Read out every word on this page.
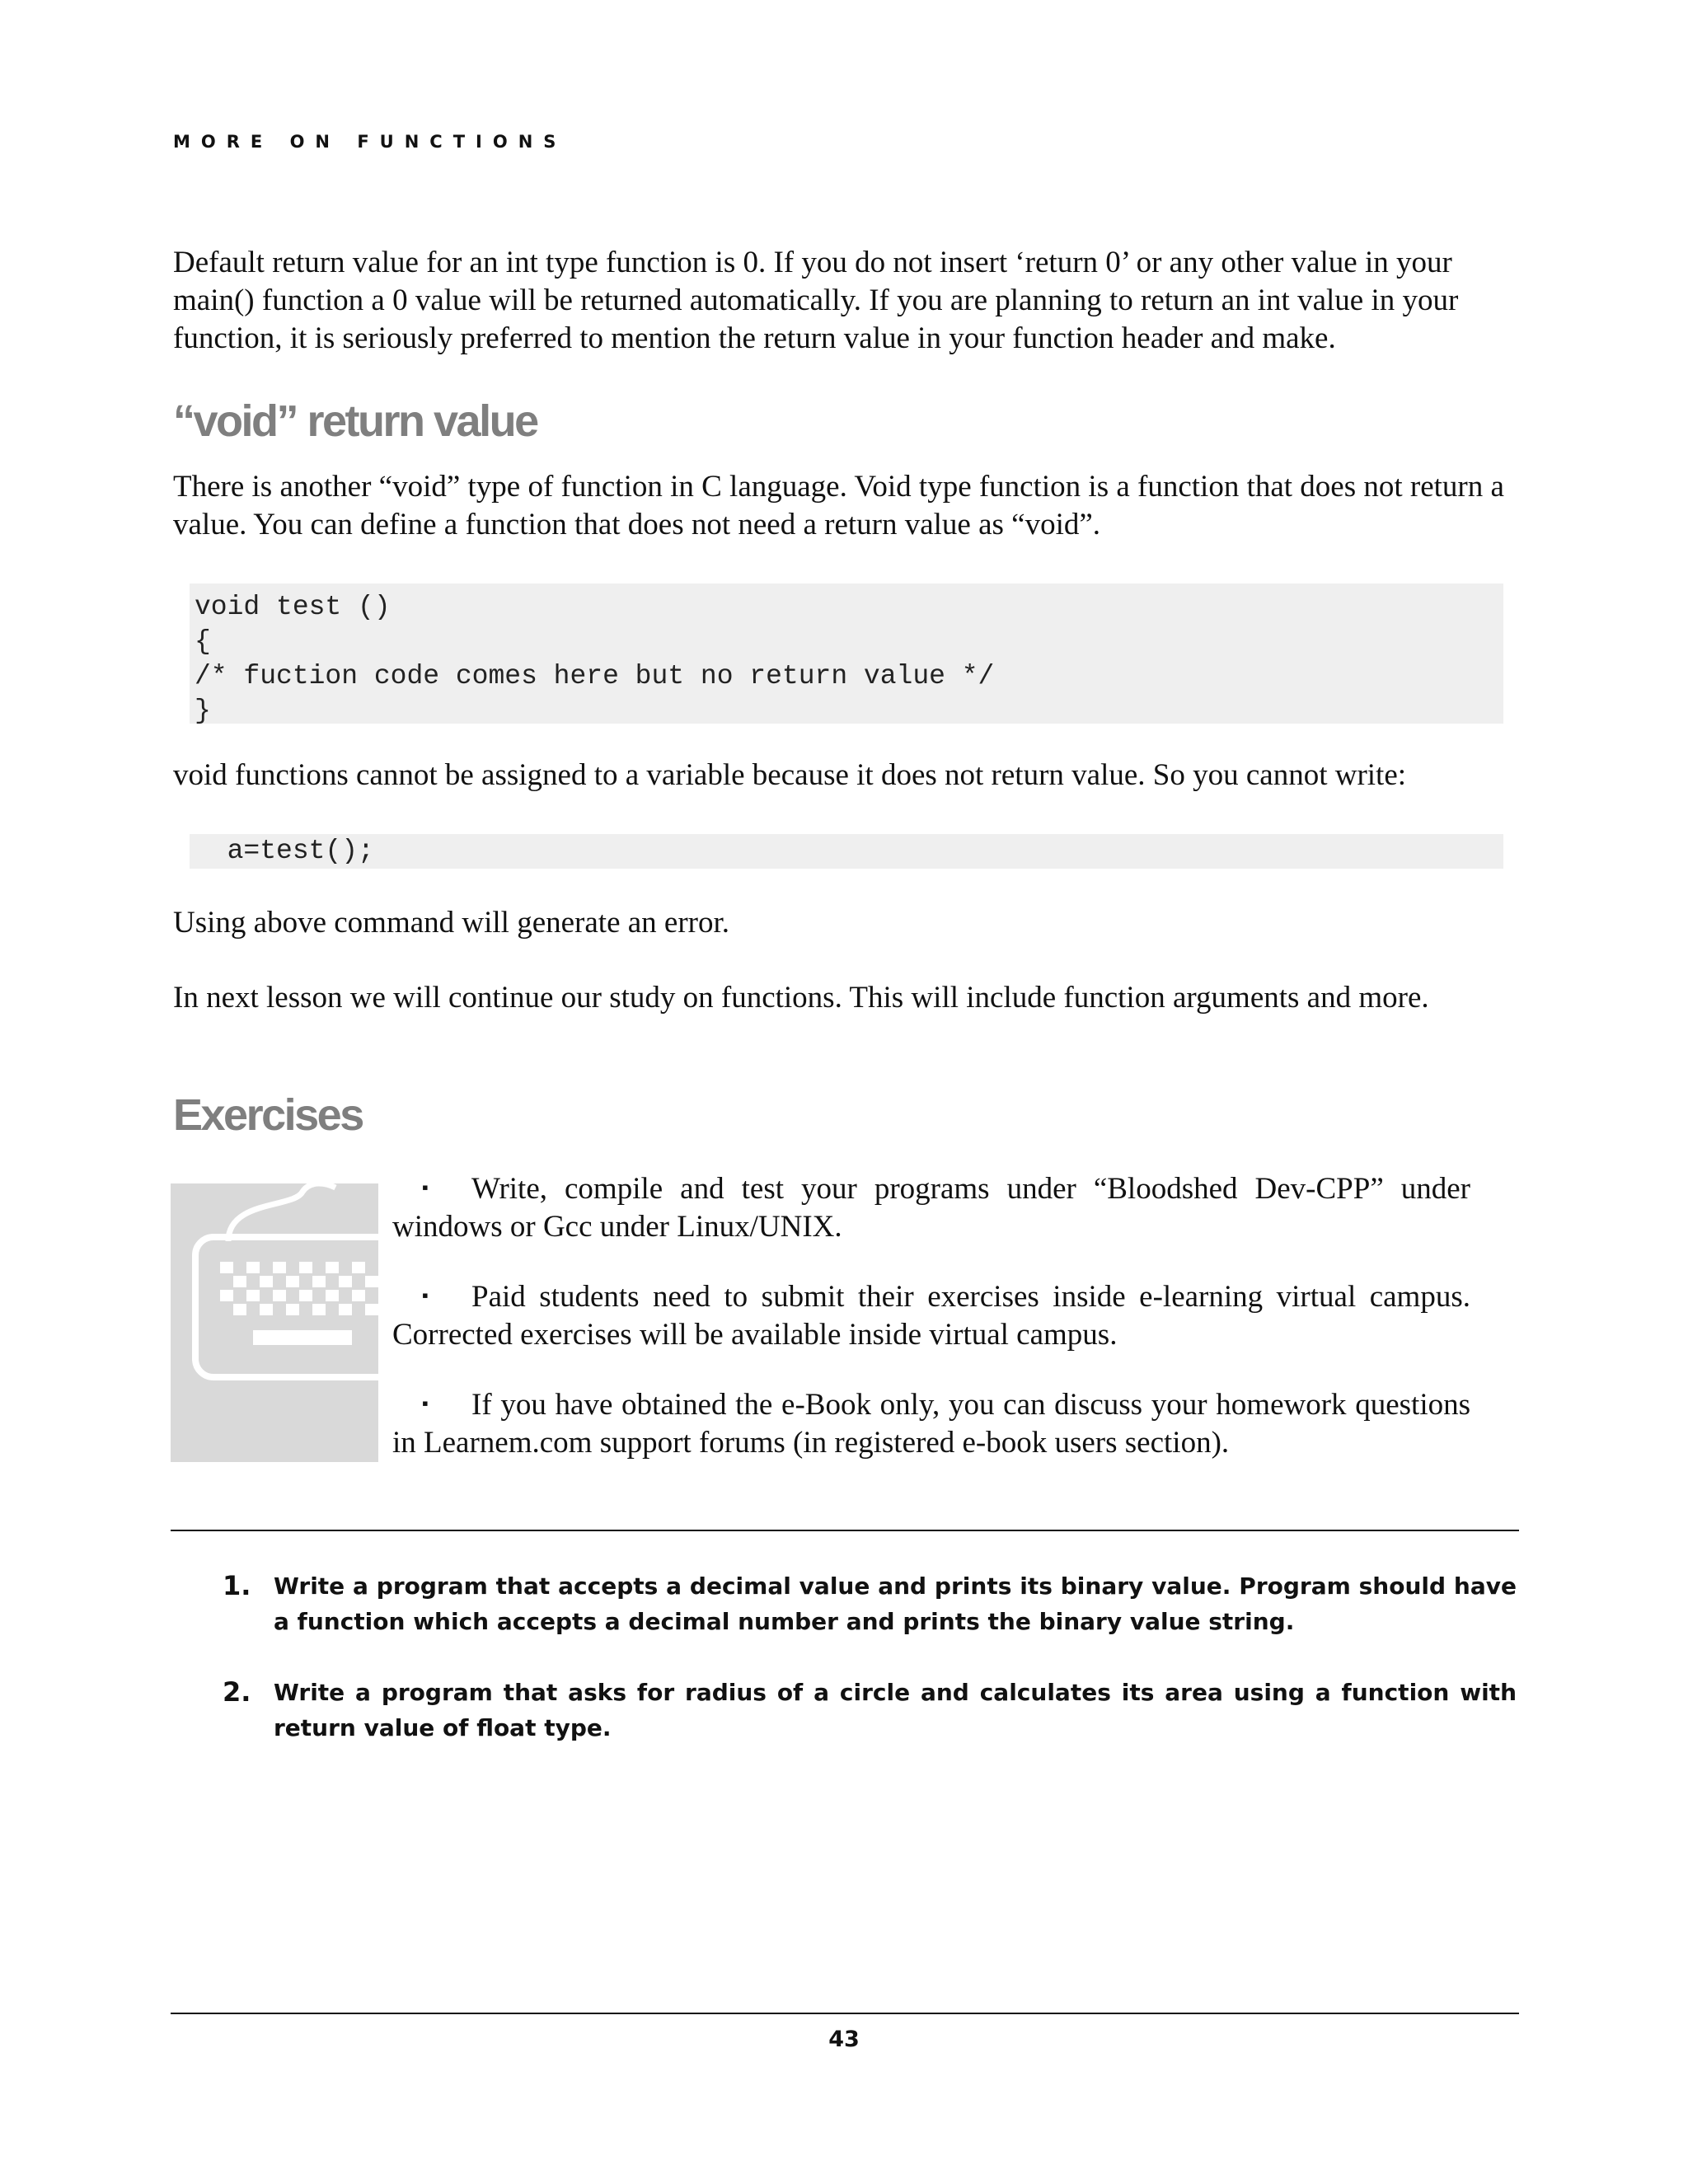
MORE ON FUNCTIONS

Default return value for an int type function is 0. If you do not insert ‘return 0’ or any other value in your main() function a 0 value will be returned automatically. If you are planning to return an int value in your function, it is seriously preferred to mention the return value in your function header and make.

“void” return value

There is another “void” type of function in C language. Void type function is a function that does not return a value. You can define a function that does not need a return value as “void”.

void test ()
{
/* fuction code comes here but no return value */
}

void functions cannot be assigned to a variable because it does not return value. So you cannot write:

a=test();

Using above command will generate an error.

In next lesson we will continue our study on functions. This will include function arguments and more.

Exercises

▪ Write, compile and test your programs under “Bloodshed Dev-CPP” under windows or Gcc under Linux/UNIX.

▪ Paid students need to submit their exercises inside e-learning virtual campus. Corrected exercises will be available inside virtual campus.

▪ If you have obtained the e-Book only, you can discuss your homework questions in Learnem.com support forums (in registered e-book users section).

1. Write a program that accepts a decimal value and prints its binary value. Program should have a function which accepts a decimal number and prints the binary value string.
2. Write a program that asks for radius of a circle and calculates its area using a function with return value of float type.
43
